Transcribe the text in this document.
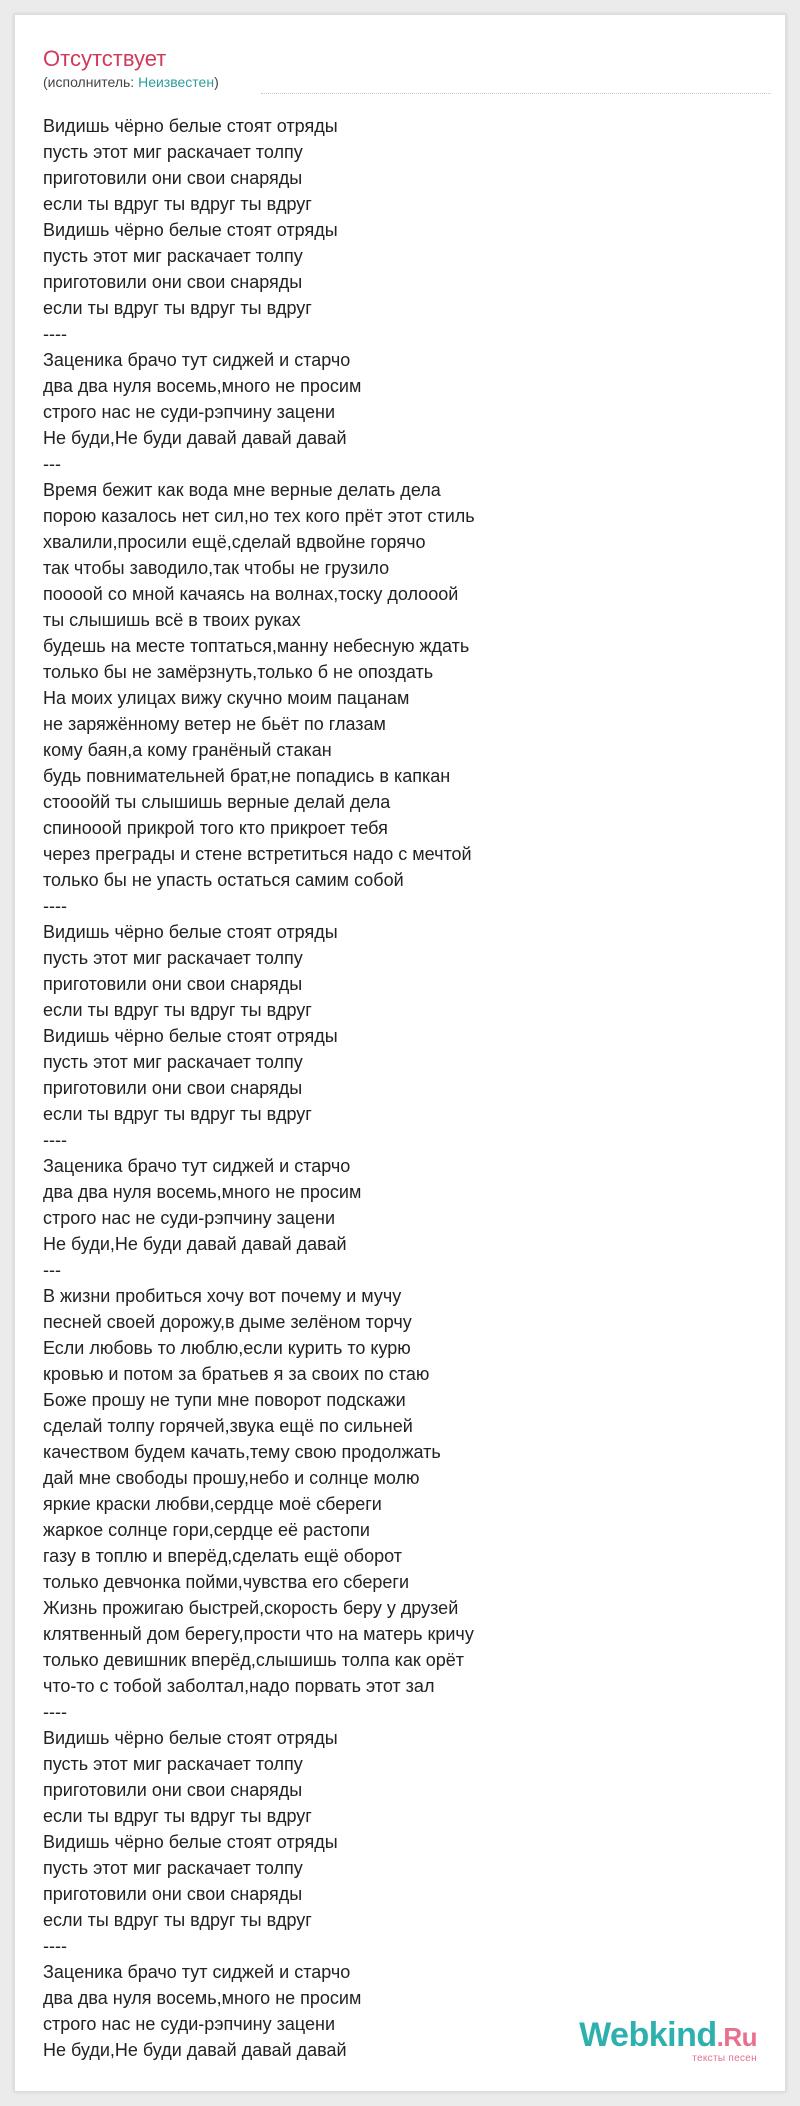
Отсутствует
(исполнитель: Неизвестен)
Видишь чёрно белые стоят отряды
пусть этот миг раскачает толпу
приготовили они свои снаряды
если ты вдруг ты вдруг ты вдруг
Видишь чёрно белые стоят отряды
пусть этот миг раскачает толпу
приготовили они свои снаряды
если ты вдруг ты вдруг ты вдруг
----
Зацeника брачо тут сиджей и старчо
два два нуля восемь,много не просим
строго нас не суди-рэпчину зацени
Не буди,Не буди давай давай давай
---
Время бежит как вода мне верные делать дела
порою казалось нет сил,но тех кого прёт этот стиль
хвалили,просили ещё,сделай вдвойне горячо
так чтобы заводило,так чтобы не грузило
поооой со мной качаясь на волнах,тоску долооой
ты слышишь всё в твоих руках
будешь на месте топтаться,манну небесную ждать
только бы не замёрзнуть,только б не опоздать
На моих улицах вижу скучно моим пацанам
не заряжённому ветер не бьёт по глазам
кому баян,а кому гранёный стакан
будь повнимательней брат,не попадись в капкан
стооойй ты слышишь верные делай дела
спинооой прикрой того кто прикроет тебя
через преграды и стене встретиться надо с мечтой
только бы не упасть остаться самим собой
----
Видишь чёрно белые стоят отряды
пусть этот миг раскачает толпу
приготовили они свои снаряды
если ты вдруг ты вдруг ты вдруг
Видишь чёрно белые стоят отряды
пусть этот миг раскачает толпу
приготовили они свои снаряды
если ты вдруг ты вдруг ты вдруг
----
Зацeника брачо тут сиджей и старчо
два два нуля восемь,много не просим
строго нас не суди-рэпчину зацени
Не буди,Не буди давай давай давай
---
В жизни пробиться хочу вот почему и мучу
песней своей дорожу,в дыме зелёном торчу
Если любовь то люблю,если курить то курю
кровью и потом за братьев я за своих по стаю
Боже прошу не тупи мне поворот подскажи
сделай толпу горячей,звука ещё по сильней
качеством будем качать,тему свою продолжать
дай мне свободы прошу,небо и солнце молю
яркие краски любви,сердце моё сбереги
жаркое солнце гори,сердце её растопи
газу в топлю и вперёд,сделать ещё оборот
только девчонка пойми,чувства его сбереги
Жизнь прожигаю быстрей,скорость беру у друзей
клятвенный дом берегу,прости что на матерь кричу
только девишник вперёд,слышишь толпа как орёт
что-то с тобой заболтал,надо порвать этот зал
----
Видишь чёрно белые стоят отряды
пусть этот миг раскачает толпу
приготовили они свои снаряды
если ты вдруг ты вдруг ты вдруг
Видишь чёрно белые стоят отряды
пусть этот миг раскачает толпу
приготовили они свои снаряды
если ты вдруг ты вдруг ты вдруг
----
Зацeника брачо тут сиджей и старчо
два два нуля восемь,много не просим
строго нас не суди-рэпчину зацени
Не буди,Не буди давай давай давай	Webkind.Ru
тексты песен
